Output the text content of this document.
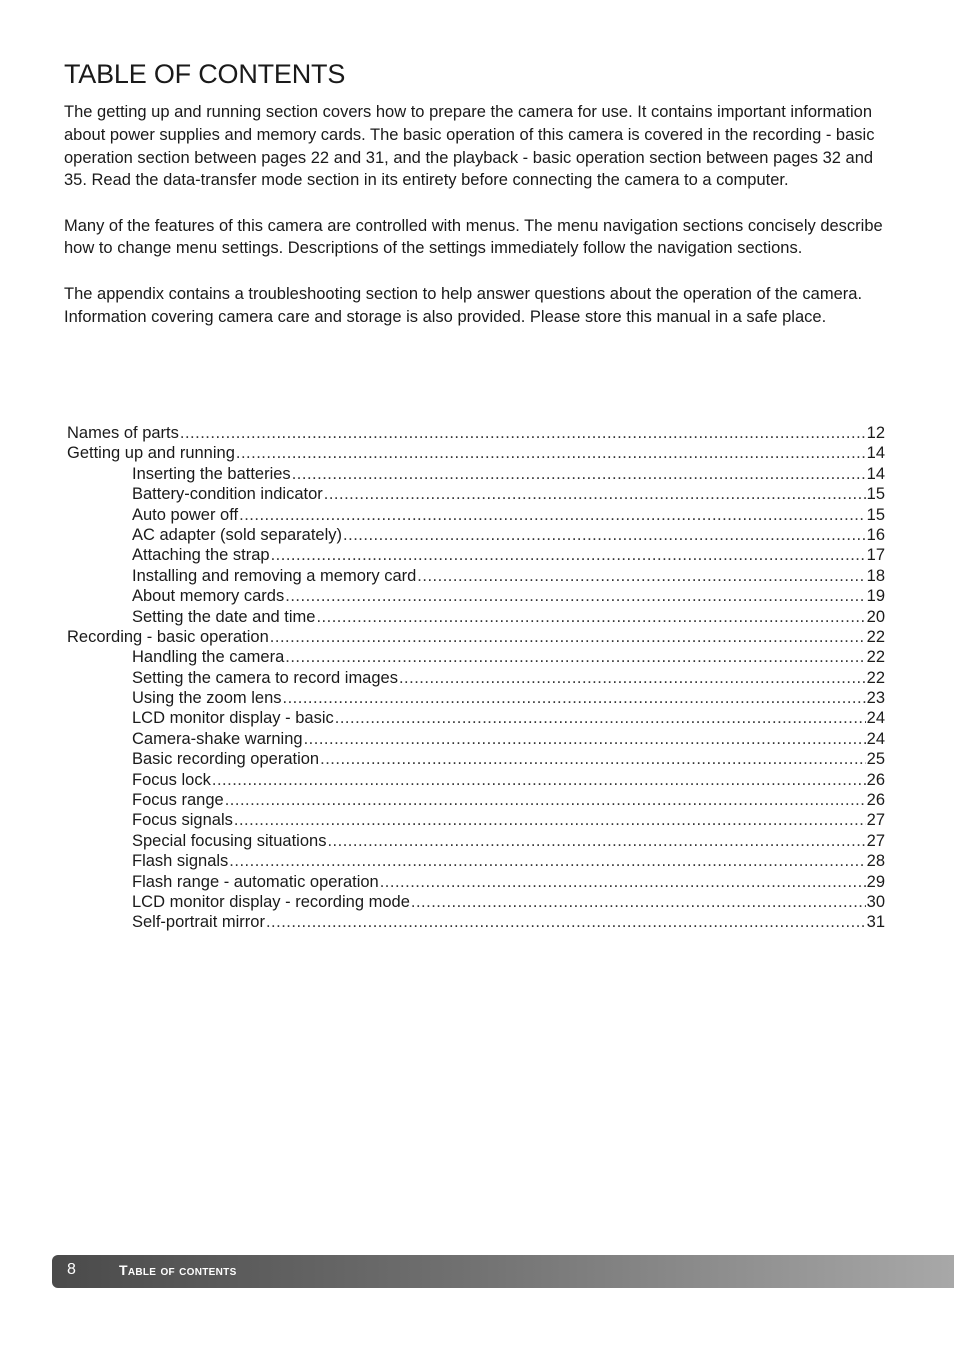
TABLE OF CONTENTS

The getting up and running section covers how to prepare the camera for use. It contains important information about power supplies and memory cards. The basic operation of this camera is covered in the recording - basic operation section between pages 22 and 31, and the playback - basic operation section between pages 32 and 35. Read the data-transfer mode section in its entirety before connecting the camera to a computer.

Many of the features of this camera are controlled with menus. The menu navigation sections concisely describe how to change menu settings. Descriptions of the settings immediately follow the navigation sections.

The appendix contains a troubleshooting section to help answer questions about the operation of the camera. Information covering camera care and storage is also provided. Please store this manual in a safe place.

Names of parts .....	12
Getting up and running .....	14
Inserting the batteries .....	14
Battery-condition indicator .....	15
Auto power off .....	15
AC adapter (sold separately) .....	16
Attaching the strap .....	17
Installing and removing a memory card .....	18
About memory cards .....	19
Setting the date and time .....	20
Recording - basic operation .....	22
Handling the camera .....	22
Setting the camera to record images .....	22
Using the zoom lens .....	23
LCD monitor display - basic .....	24
Camera-shake warning .....	24
Basic recording operation .....	25
Focus lock .....	26
Focus range .....	26
Focus signals .....	27
Special focusing situations .....	27
Flash signals .....	28
Flash range - automatic operation .....	29
LCD monitor display - recording mode .....	30
Self-portrait mirror .....	31
8	Table of contents
